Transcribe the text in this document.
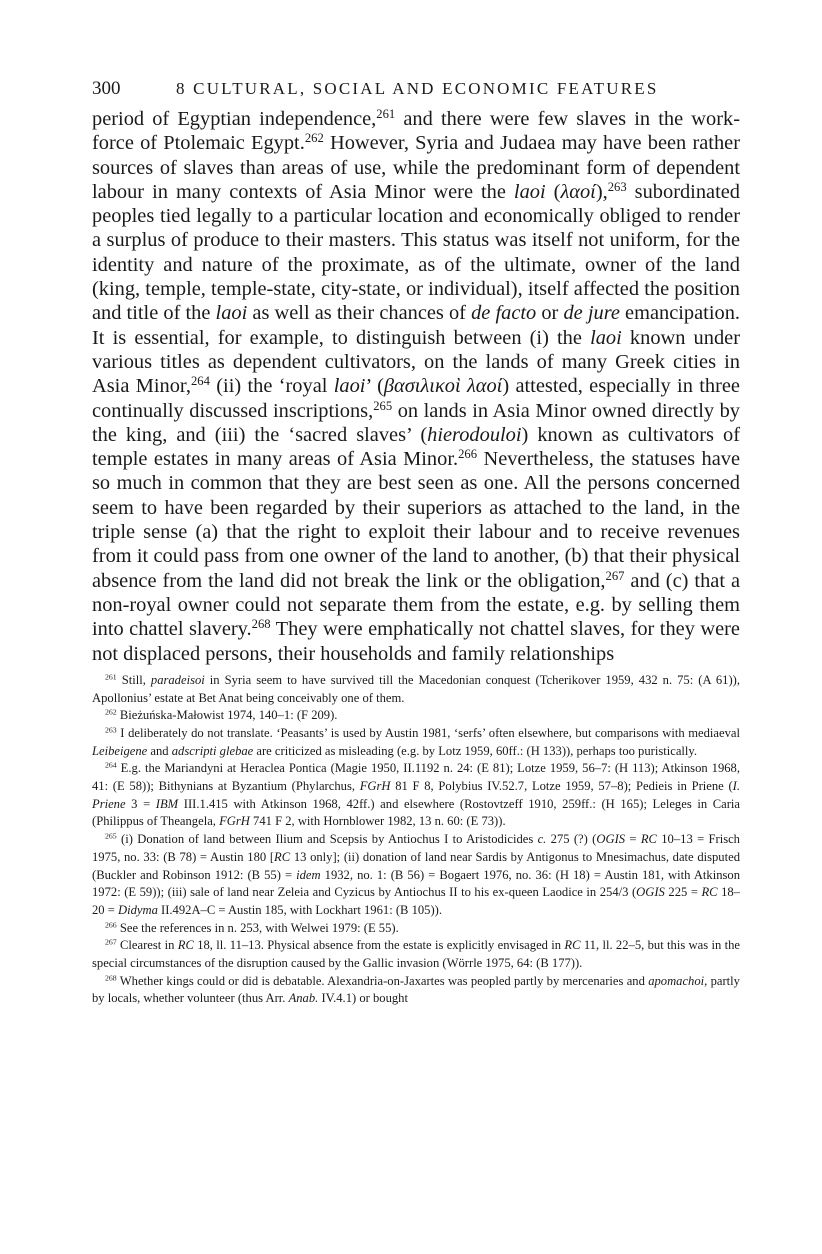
300	8 CULTURAL, SOCIAL AND ECONOMIC FEATURES
period of Egyptian independence,$^{261}$ and there were few slaves in the work-force of Ptolemaic Egypt.$^{262}$ However, Syria and Judaea may have been rather sources of slaves than areas of use, while the predominant form of dependent labour in many contexts of Asia Minor were the laoi (λαοί),$^{263}$ subordinated peoples tied legally to a particular location and economically obliged to render a surplus of produce to their masters. This status was itself not uniform, for the identity and nature of the proximate, as of the ultimate, owner of the land (king, temple, temple-state, city-state, or individual), itself affected the position and title of the laoi as well as their chances of de facto or de jure emancipation. It is essential, for example, to distinguish between (i) the laoi known under various titles as dependent cultivators, on the lands of many Greek cities in Asia Minor,$^{264}$ (ii) the ‘royal laoi’ (βασιλικοὶ λαοί) attested, especially in three continually discussed inscriptions,$^{265}$ on lands in Asia Minor owned directly by the king, and (iii) the ‘sacred slaves’ (hierodouloi) known as cultivators of temple estates in many areas of Asia Minor.$^{266}$ Nevertheless, the statuses have so much in common that they are best seen as one. All the persons concerned seem to have been regarded by their superiors as attached to the land, in the triple sense (a) that the right to exploit their labour and to receive revenues from it could pass from one owner of the land to another, (b) that their physical absence from the land did not break the link or the obligation,$^{267}$ and (c) that a non-royal owner could not separate them from the estate, e.g. by selling them into chattel slavery.$^{268}$ They were emphatically not chattel slaves, for they were not displaced persons, their households and family relationships
$^{261}$ Still, paradeisoi in Syria seem to have survived till the Macedonian conquest (Tcherikover 1959, 432 n. 75: (A 61)), Apollonius’ estate at Bet Anat being conceivably one of them.
$^{262}$ Bieżuńska-Małowist 1974, 140–1: (F 209).
$^{263}$ I deliberately do not translate. ‘Peasants’ is used by Austin 1981, ‘serfs’ often elsewhere, but comparisons with mediaeval Leibeigene and adscripti glebae are criticized as misleading (e.g. by Lotz 1959, 60ff.: (H 133)), perhaps too puristically.
$^{264}$ E.g. the Mariandyni at Heraclea Pontica (Magie 1950, II.1192 n. 24: (E 81); Lotze 1959, 56–7: (H 113); Atkinson 1968, 41: (E 58)); Bithynians at Byzantium (Phylarchus, FGrH 81 F 8, Polybius IV.52.7, Lotze 1959, 57–8); Pedieis in Priene (I. Priene 3 = IBM III.1.415 with Atkinson 1968, 42ff.) and elsewhere (Rostovtzeff 1910, 259ff.: (H 165); Leleges in Caria (Philippus of Theangela, FGrH 741 F 2, with Hornblower 1982, 13 n. 60: (E 73)).
$^{265}$ (i) Donation of land between Ilium and Scepsis by Antiochus I to Aristodicides c. 275 (?) (OGIS = RC 10–13 = Frisch 1975, no. 33: (B 78) = Austin 180 [RC 13 only]; (ii) donation of land near Sardis by Antigonus to Mnesimachus, date disputed (Buckler and Robinson 1912: (B 55) = idem 1932, no. 1: (B 56) = Bogaert 1976, no. 36: (H 18) = Austin 181, with Atkinson 1972: (E 59)); (iii) sale of land near Zeleia and Cyzicus by Antiochus II to his ex-queen Laodice in 254/3 (OGIS 225 = RC 18–20 = Didyma II.492A–C = Austin 185, with Lockhart 1961: (B 105)).
$^{266}$ See the references in n. 253, with Welwei 1979: (E 55).
$^{267}$ Clearest in RC 18, ll. 11–13. Physical absence from the estate is explicitly envisaged in RC 11, ll. 22–5, but this was in the special circumstances of the disruption caused by the Gallic invasion (Wörrle 1975, 64: (B 177)).
$^{268}$ Whether kings could or did is debatable. Alexandria-on-Jaxartes was peopled partly by mercenaries and apomachoi, partly by locals, whether volunteer (thus Arr. Anab. IV.4.1) or bought
